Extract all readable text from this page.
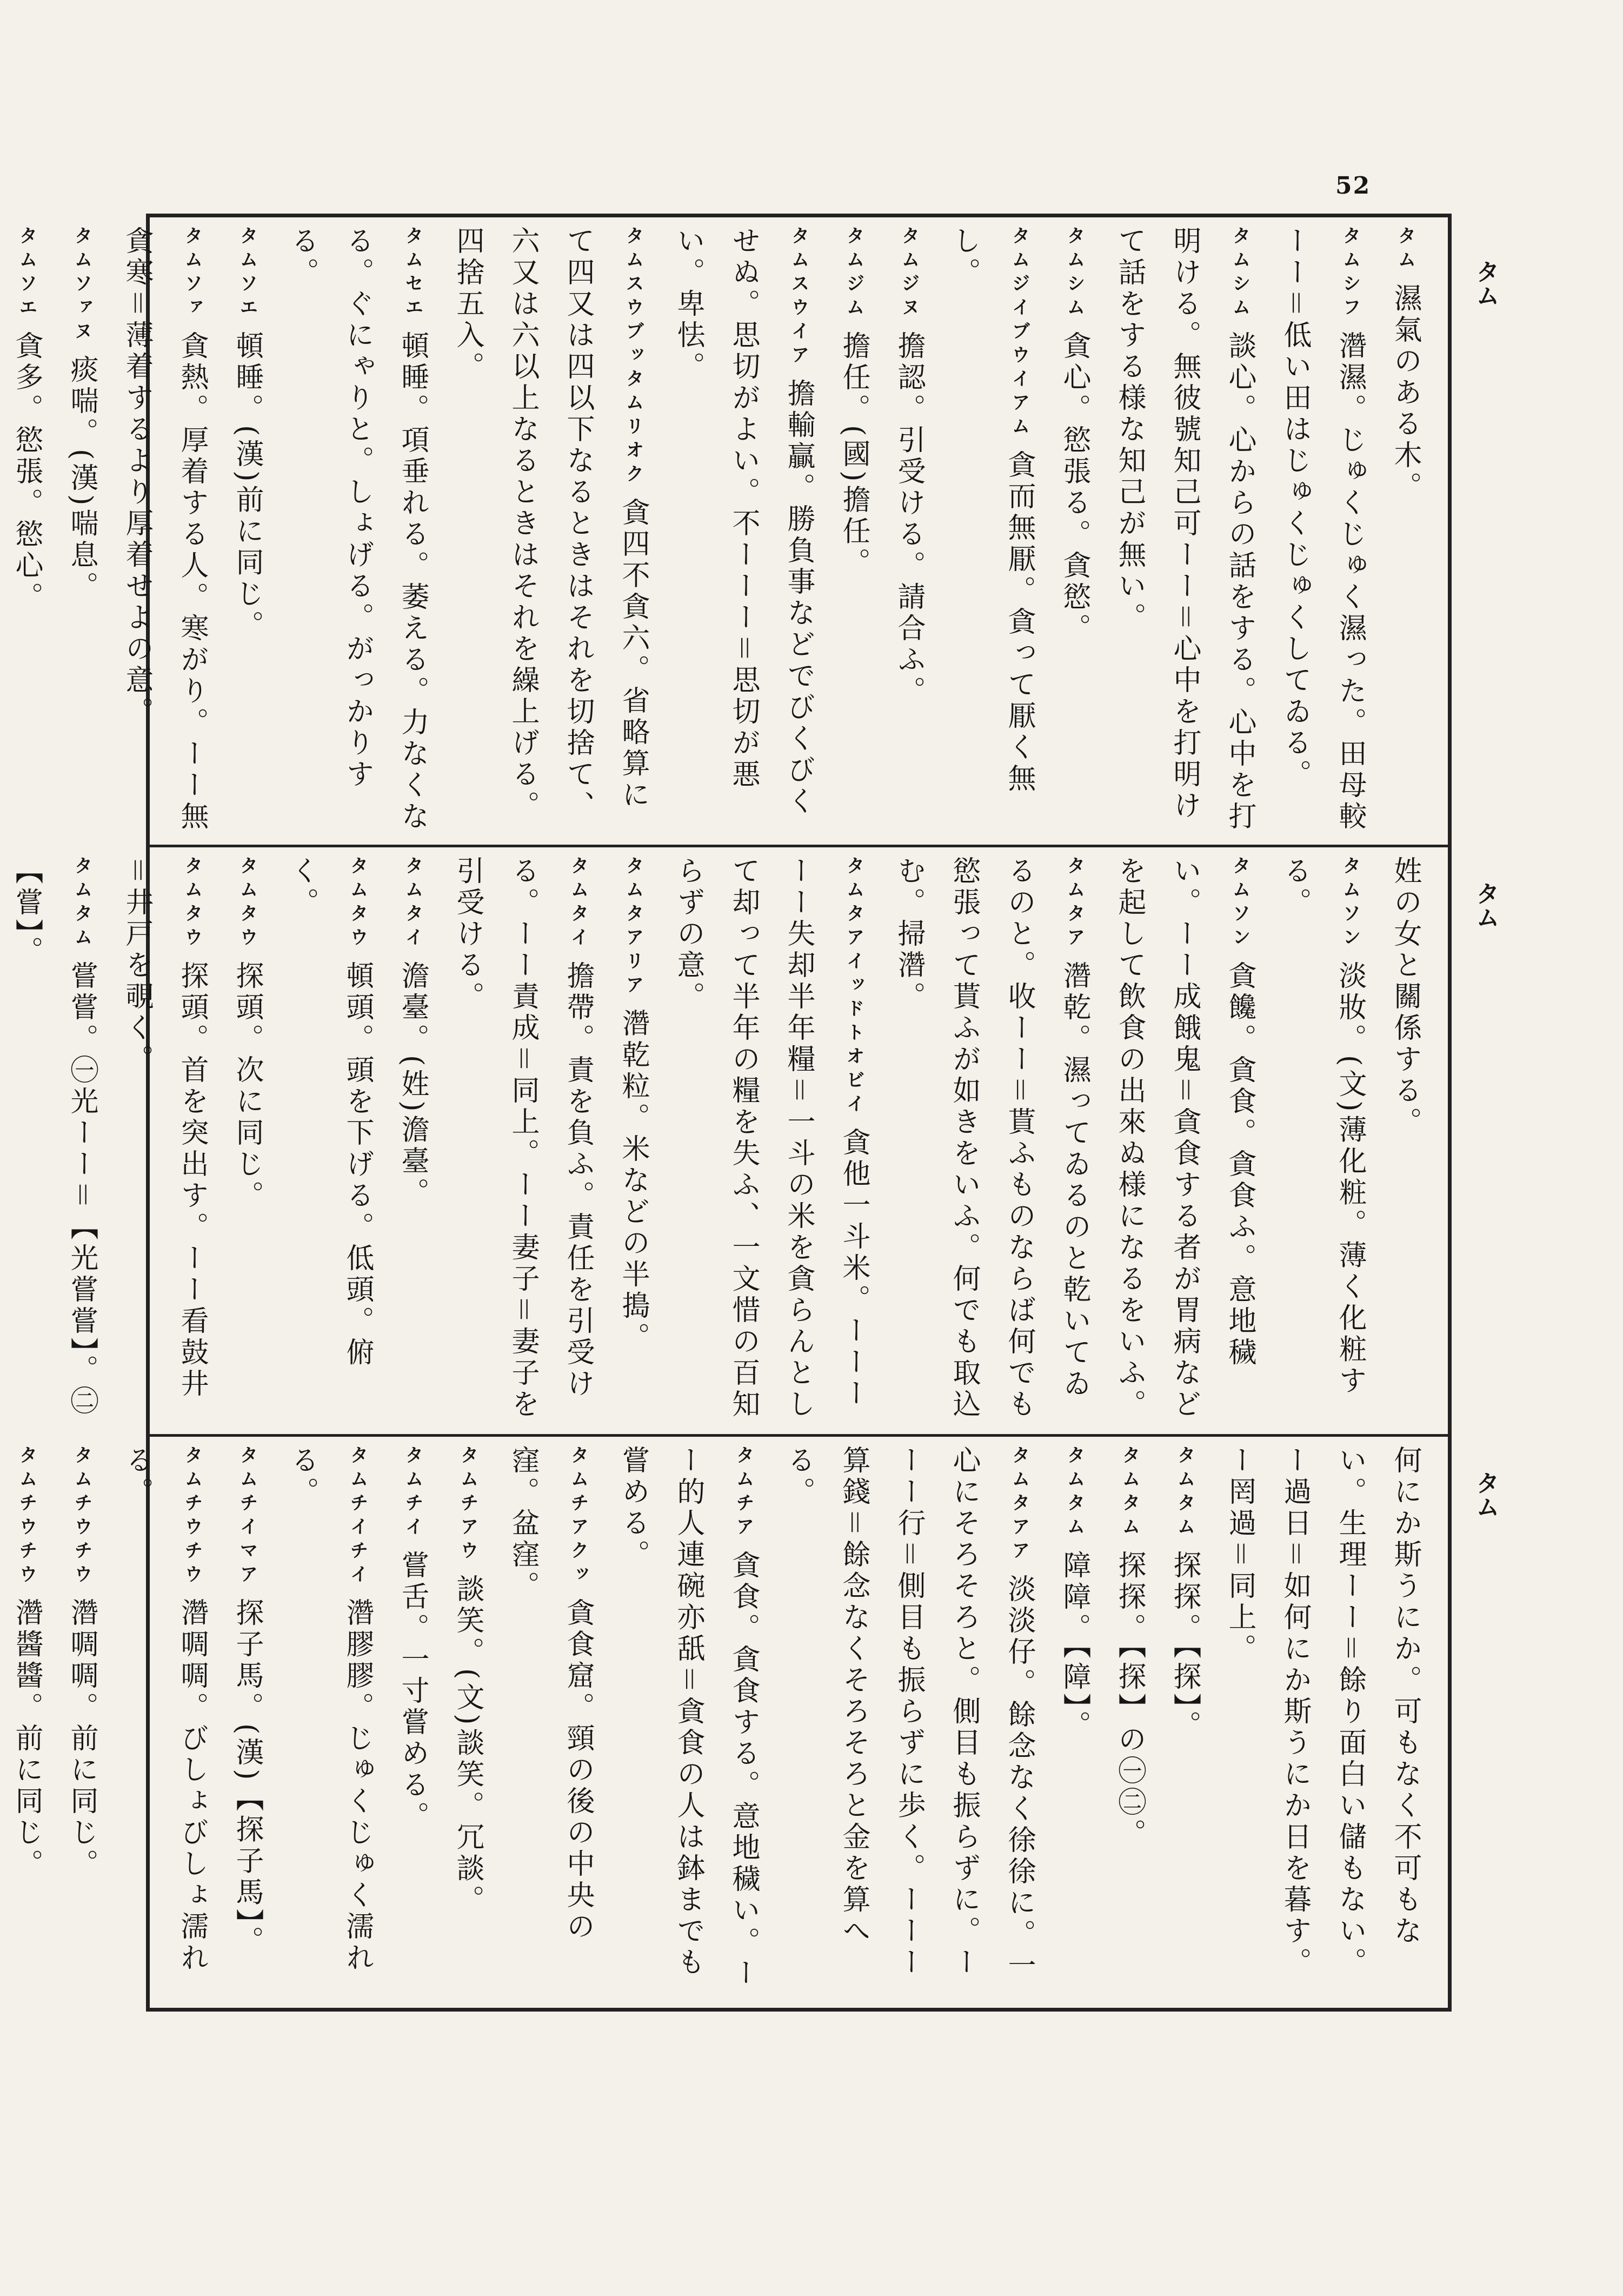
52
タム
タム
タム
タム濕氣のある木。
タムシフ濳濕。じゅくじゅく濕った。田母較ーー＝低い田はじゅくじゅくしてゐる。
タムシム談心。心からの話をする。心中を打明ける。無彼號知己可ーー＝心中を打明けて話をする様な知己が無い。
タムシム貪心。慾張る。貪慾。
タムジイブウイアム貪而無厭。貪って厭く無し。
タムジヌ擔認。引受ける。請合ふ。
タムジム擔任。(國)擔任。
タムスウイア擔輸贏。勝負事などでびくびくせぬ。思切がよい。不ーーー＝思切が悪い。卑怯。
タムスウブッタムリオク貪四不貪六。省略算にて四又は四以下なるときはそれを切捨て、六又は六以上なるときはそれを繰上げる。四捨五入。
タムセエ頓睡。項垂れる。萎える。力なくなる。ぐにゃりと。しょげる。がっかりする。
タムソエ頓睡。(漢)前に同じ。
タムソァ貪熱。厚着する人。寒がり。ーー無貪寒＝薄着するより厚着せよの意。
タムソァヌ痰喘。(漢)喘息。
タムソエ貪多。慾張。慾心。
姓の女と關係する。
タムソン淡妝。(文)薄化粧。薄く化粧する。
タムソン貪饞。貪食。貪食ふ。意地穢い。ーー成餓鬼＝貪食する者が胃病などを起して飲食の出來ぬ様になるをいふ。
タムタア濳乾。濕ってゐるのと乾いてゐるのと。收ーー＝貰ふものならば何でも慾張って貰ふが如きをいふ。何でも取込む。掃濳。
タムタアイッドトオビイ貪他一斗米。ーーーーー失却半年糧＝一斗の米を貪らんとして却って半年の糧を失ふ、一文惜の百知らずの意。
タムタアリア濳乾粒。米などの半搗。
タムタイ擔帶。責を負ふ。責任を引受ける。ーー責成＝同上。ーー妻子＝妻子を引受ける。
タムタイ澹臺。(姓)澹臺。
タムタウ頓頭。頭を下げる。低頭。俯く。
タムタウ探頭。次に同じ。
タムタウ探頭。首を突出す。ーー看鼓井＝井戸を覗く。
タムタム嘗嘗。㊀光ーー＝【光嘗嘗】。㊁【嘗】。
何にか斯うにか。可もなく不可もない。生理ーー＝餘り面白い儲もない。ー過日＝如何にか斯うにか日を暮す。ー罔過＝同上。
タムタム探探。【探】。
タムタム探探。【探】の㊀㊁。
タムタム障障。【障】。
タムタアア淡淡仔。餘念なく徐徐に。一心にそろそろと。側目も振らずに。ーーー行＝側目も振らずに歩く。ーーー算錢＝餘念なくそろそろと金を算へる。
タムチア貪食。貪食する。意地穢い。ーー的人連碗亦舐＝貪食の人は鉢までも嘗める。
タムチアクッ貪食窟。頸の後の中央の窪。盆窪。
タムチアウ談笑。(文)談笑。冗談。
タムチイ嘗舌。一寸嘗める。
タムチイチイ濳膠膠。じゅくじゅく濡れる。
タムチイマア探子馬。(漢)【探子馬】。
タムチウチウ濳啁啁。びしょびしょ濡れる。
タムチウチウ濳啁啁。前に同じ。
タムチウチウ濳醬醬。前に同じ。
